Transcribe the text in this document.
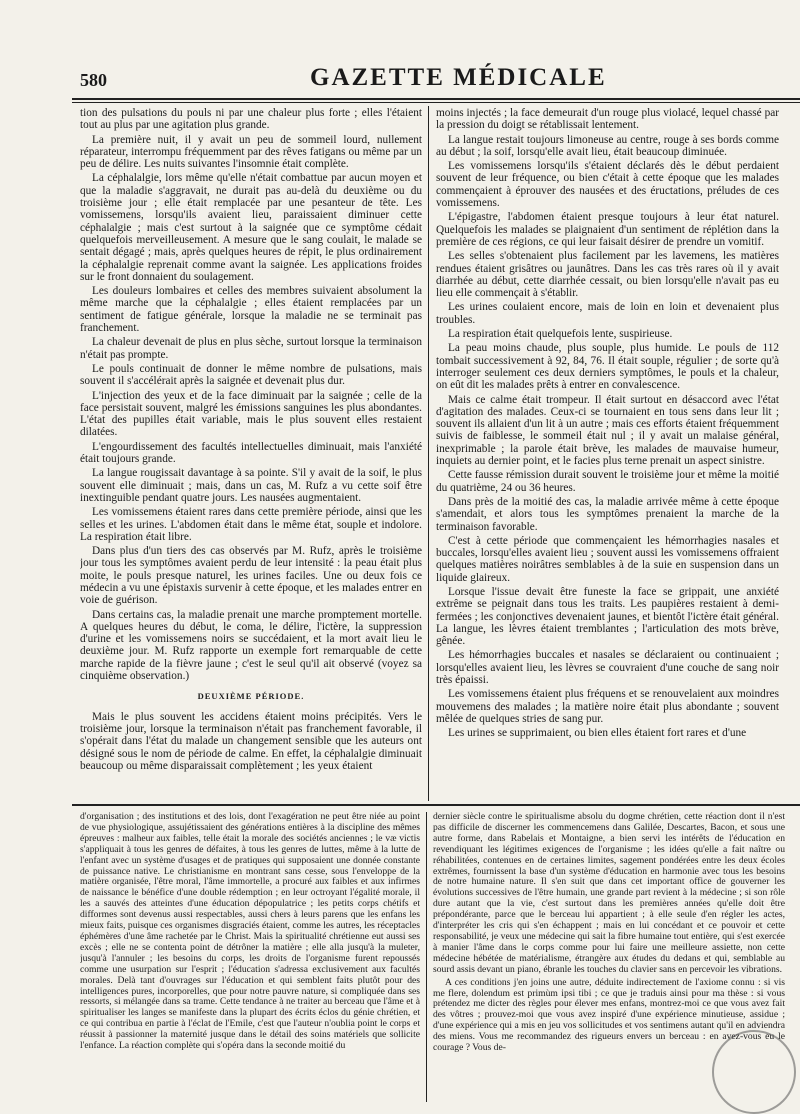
580	GAZETTE MÉDICALE

tion des pulsations du pouls ni par une chaleur plus forte ; elles l'étaient tout au plus par une agitation plus grande.

La première nuit, il y avait un peu de sommeil lourd, nullement réparateur, interrompu fréquemment par des rêves fatigans ou même par un peu de délire. Les nuits suivantes l'insomnie était complète.

La céphalalgie, lors même qu'elle n'était combattue par aucun moyen et que la maladie s'aggravait, ne durait pas au-delà du deuxième ou du troisième jour ; elle était remplacée par une pesanteur de tête. Les vomissemens, lorsqu'ils avaient lieu, paraissaient diminuer cette céphalalgie ; mais c'est surtout à la saignée que ce symptôme cédait quelquefois merveilleusement. A mesure que le sang coulait, le malade se sentait dégagé ; mais, après quelques heures de répit, le plus ordinairement la céphalalgie reprenait comme avant la saignée. Les applications froides sur le front donnaient du soulagement.

Les douleurs lombaires et celles des membres suivaient absolument la même marche que la céphalalgie ; elles étaient remplacées par un sentiment de fatigue générale, lorsque la maladie ne se terminait pas franchement.

La chaleur devenait de plus en plus sèche, surtout lorsque la terminaison n'était pas prompte.

Le pouls continuait de donner le même nombre de pulsations, mais souvent il s'accélérait après la saignée et devenait plus dur.

L'injection des yeux et de la face diminuait par la saignée ; celle de la face persistait souvent, malgré les émissions sanguines les plus abondantes. L'état des pupilles était variable, mais le plus souvent elles restaient dilatées.

L'engourdissement des facultés intellectuelles diminuait, mais l'anxiété était toujours grande.

La langue rougissait davantage à sa pointe. S'il y avait de la soif, le plus souvent elle diminuait ; mais, dans un cas, M. Rufz a vu cette soif être inextinguible pendant quatre jours. Les nausées augmentaient.

Les vomissemens étaient rares dans cette première période, ainsi que les selles et les urines. L'abdomen était dans le même état, souple et indolore. La respiration était libre.

Dans plus d'un tiers des cas observés par M. Rufz, après le troisième jour tous les symptômes avaient perdu de leur intensité : la peau était plus moite, le pouls presque naturel, les urines faciles. Une ou deux fois ce médecin a vu une épistaxis survenir à cette époque, et les malades entrer en voie de guérison.

Dans certains cas, la maladie prenait une marche promptement mortelle. A quelques heures du début, le coma, le délire, l'ictère, la suppression d'urine et les vomissemens noirs se succédaient, et la mort avait lieu le deuxième jour. M. Rufz rapporte un exemple fort remarquable de cette marche rapide de la fièvre jaune ; c'est le seul qu'il ait observé (voyez sa cinquième observation.)

DEUXIÈME PÉRIODE.

Mais le plus souvent les accidens étaient moins précipités. Vers le troisième jour, lorsque la terminaison n'était pas franchement favorable, il s'opérait dans l'état du malade un changement sensible que les auteurs ont désigné sous le nom de période de calme. En effet, la céphalalgie diminuait beaucoup ou même disparaissait complètement ; les yeux étaient

moins injectés ; la face demeurait d'un rouge plus violacé, lequel chassé par la pression du doigt se rétablissait lentement.

La langue restait toujours limoneuse au centre, rouge à ses bords comme au début ; la soif, lorsqu'elle avait lieu, était beaucoup diminuée.

Les vomissemens lorsqu'ils s'étaient déclarés dès le début perdaient souvent de leur fréquence, ou bien c'était à cette époque que les malades commençaient à éprouver des nausées et des éructations, préludes de ces vomissemens.

L'épigastre, l'abdomen étaient presque toujours à leur état naturel. Quelquefois les malades se plaignaient d'un sentiment de réplétion dans la première de ces régions, ce qui leur faisait désirer de prendre un vomitif.

Les selles s'obtenaient plus facilement par les lavemens, les matières rendues étaient grisâtres ou jaunâtres. Dans les cas très rares où il y avait diarrhée au début, cette diarrhée cessait, ou bien lorsqu'elle n'avait pas eu lieu elle commençait à s'établir.

Les urines coulaient encore, mais de loin en loin et devenaient plus troubles.

La respiration était quelquefois lente, suspirieuse.

La peau moins chaude, plus souple, plus humide. Le pouls de 112 tombait successivement à 92, 84, 76. Il était souple, régulier ; de sorte qu'à interroger seulement ces deux derniers symptômes, le pouls et la chaleur, on eût dit les malades prêts à entrer en convalescence.

Mais ce calme était trompeur. Il était surtout en désaccord avec l'état d'agitation des malades. Ceux-ci se tournaient en tous sens dans leur lit ; souvent ils allaient d'un lit à un autre ; mais ces efforts étaient fréquemment suivis de faiblesse, le sommeil était nul ; il y avait un malaise général, inexprimable ; la parole était brève, les malades de mauvaise humeur, inquiets au dernier point, et le facies plus terne prenait un aspect sinistre.

Cette fausse rémission durait souvent le troisième jour et même la moitié du quatrième, 24 ou 36 heures.

Dans près de la moitié des cas, la maladie arrivée même à cette époque s'amendait, et alors tous les symptômes prenaient la marche de la terminaison favorable.

C'est à cette période que commençaient les hémorrhagies nasales et buccales, lorsqu'elles avaient lieu ; souvent aussi les vomissemens offraient quelques matières noirâtres semblables à de la suie en suspension dans un liquide glaireux.

Lorsque l'issue devait être funeste la face se grippait, une anxiété extrême se peignait dans tous les traits. Les paupières restaient à demi-fermées ; les conjonctives devenaient jaunes, et bientôt l'ictère était général. La langue, les lèvres étaient tremblantes ; l'articulation des mots brève, gênée.

Les hémorrhagies buccales et nasales se déclaraient ou continuaient ; lorsqu'elles avaient lieu, les lèvres se couvraient d'une couche de sang noir très épaissi.

Les vomissemens étaient plus fréquens et se renouvelaient aux moindres mouvemens des malades ; la matière noire était plus abondante ; souvent mêlée de quelques stries de sang pur.

Les urines se supprimaient, ou bien elles étaient fort rares et d'une

d'organisation ; des institutions et des lois, dont l'exagération ne peut être niée au point de vue physiologique, assujétissaient des générations entières à la discipline des mêmes épreuves : malheur aux faibles, telle était la morale des sociétés anciennes ; le væ victis s'appliquait à tous les genres de défaites, à tous les genres de luttes, même à la lutte de l'enfant avec un système d'usages et de pratiques qui supposaient une donnée constante de puissance native. Le christianisme en montrant sans cesse, sous l'enveloppe de la matière organisée, l'être moral, l'âme immortelle, a procuré aux faibles et aux infirmes de naissance le bénéfice d'une double rédemption ; en leur octroyant l'égalité morale, il les a sauvés des atteintes d'une éducation dépopulatrice ; les petits corps chétifs et difformes sont devenus aussi respectables, aussi chers à leurs parens que les enfans les mieux faits, puisque ces organismes disgraciés étaient, comme les autres, les réceptacles éphémères d'une âme rachetée par le Christ. Mais la spiritualité chrétienne eut aussi ses excès ; elle ne se contenta point de détrôner la matière ; elle alla jusqu'à la muleter, jusqu'à l'annuler ; les besoins du corps, les droits de l'organisme furent repoussés comme une usurpation sur l'esprit ; l'éducation s'adressa exclusivement aux facultés morales. Delà tant d'ouvrages sur l'éducation et qui semblent faits plutôt pour des intelligences pures, incorporelles, que pour notre pauvre nature, si compliquée dans ses ressorts, si mélangée dans sa trame. Cette tendance à ne traiter au berceau que l'âme et à spiritualiser les langes se manifeste dans la plupart des écrits éclos du génie chrétien, et ce qui contribua en partie à l'éclat de l'Emile, c'est que l'auteur n'oublia point le corps et réussit à passionner la maternité jusque dans le détail des soins matériels que sollicite l'enfance. La réaction complète qui s'opéra dans la seconde moitié du

dernier siècle contre le spiritualisme absolu du dogme chrétien, cette réaction dont il n'est pas difficile de discerner les commencemens dans Galilée, Descartes, Bacon, et sous une autre forme, dans Rabelais et Montaigne, a bien servi les intérêts de l'éducation en revendiquant les légitimes exigences de l'organisme ; les idées qu'elle a fait naître ou réhabilitées, contenues en de certaines limites, sagement pondérées entre les deux écoles extrêmes, fournissent la base d'un système d'éducation en harmonie avec tous les besoins de notre humaine nature. Il s'en suit que dans cet important office de gouverner les évolutions successives de l'être humain, une grande part revient à la médecine ; si son rôle dure autant que la vie, c'est surtout dans les premières années qu'elle doit être prépondérante, parce que le berceau lui appartient ; à elle seule d'en régler les actes, d'interpréter les cris qui s'en échappent ; mais en lui concédant et ce pouvoir et cette responsabilité, je veux une médecine qui sait la fibre humaine tout entière, qui s'est exercée à manier l'âme dans le corps comme pour lui faire une meilleure assiette, non cette médecine hébétée de matérialisme, étrangère aux études du dedans et qui, semblable au sourd assis devant un piano, ébranle les touches du clavier sans en percevoir les vibrations.

A ces conditions j'en joins une autre, déduite indirectement de l'axiome connu : si vis me flere, dolendum est primùm ipsi tibi ; ce que je traduis ainsi pour ma thèse : si vous prétendez me dicter des règles pour élever mes enfans, montrez-moi ce que vous avez fait des vôtres ; prouvez-moi que vous avez inspiré d'une expérience minutieuse, assidue ; d'une expérience qui a mis en jeu vos sollicitudes et vos sentimens autant qu'il en adviendra des miens. Vous me recommandez des rigueurs envers un berceau : en avez-vous eu le courage ? Vous de-
